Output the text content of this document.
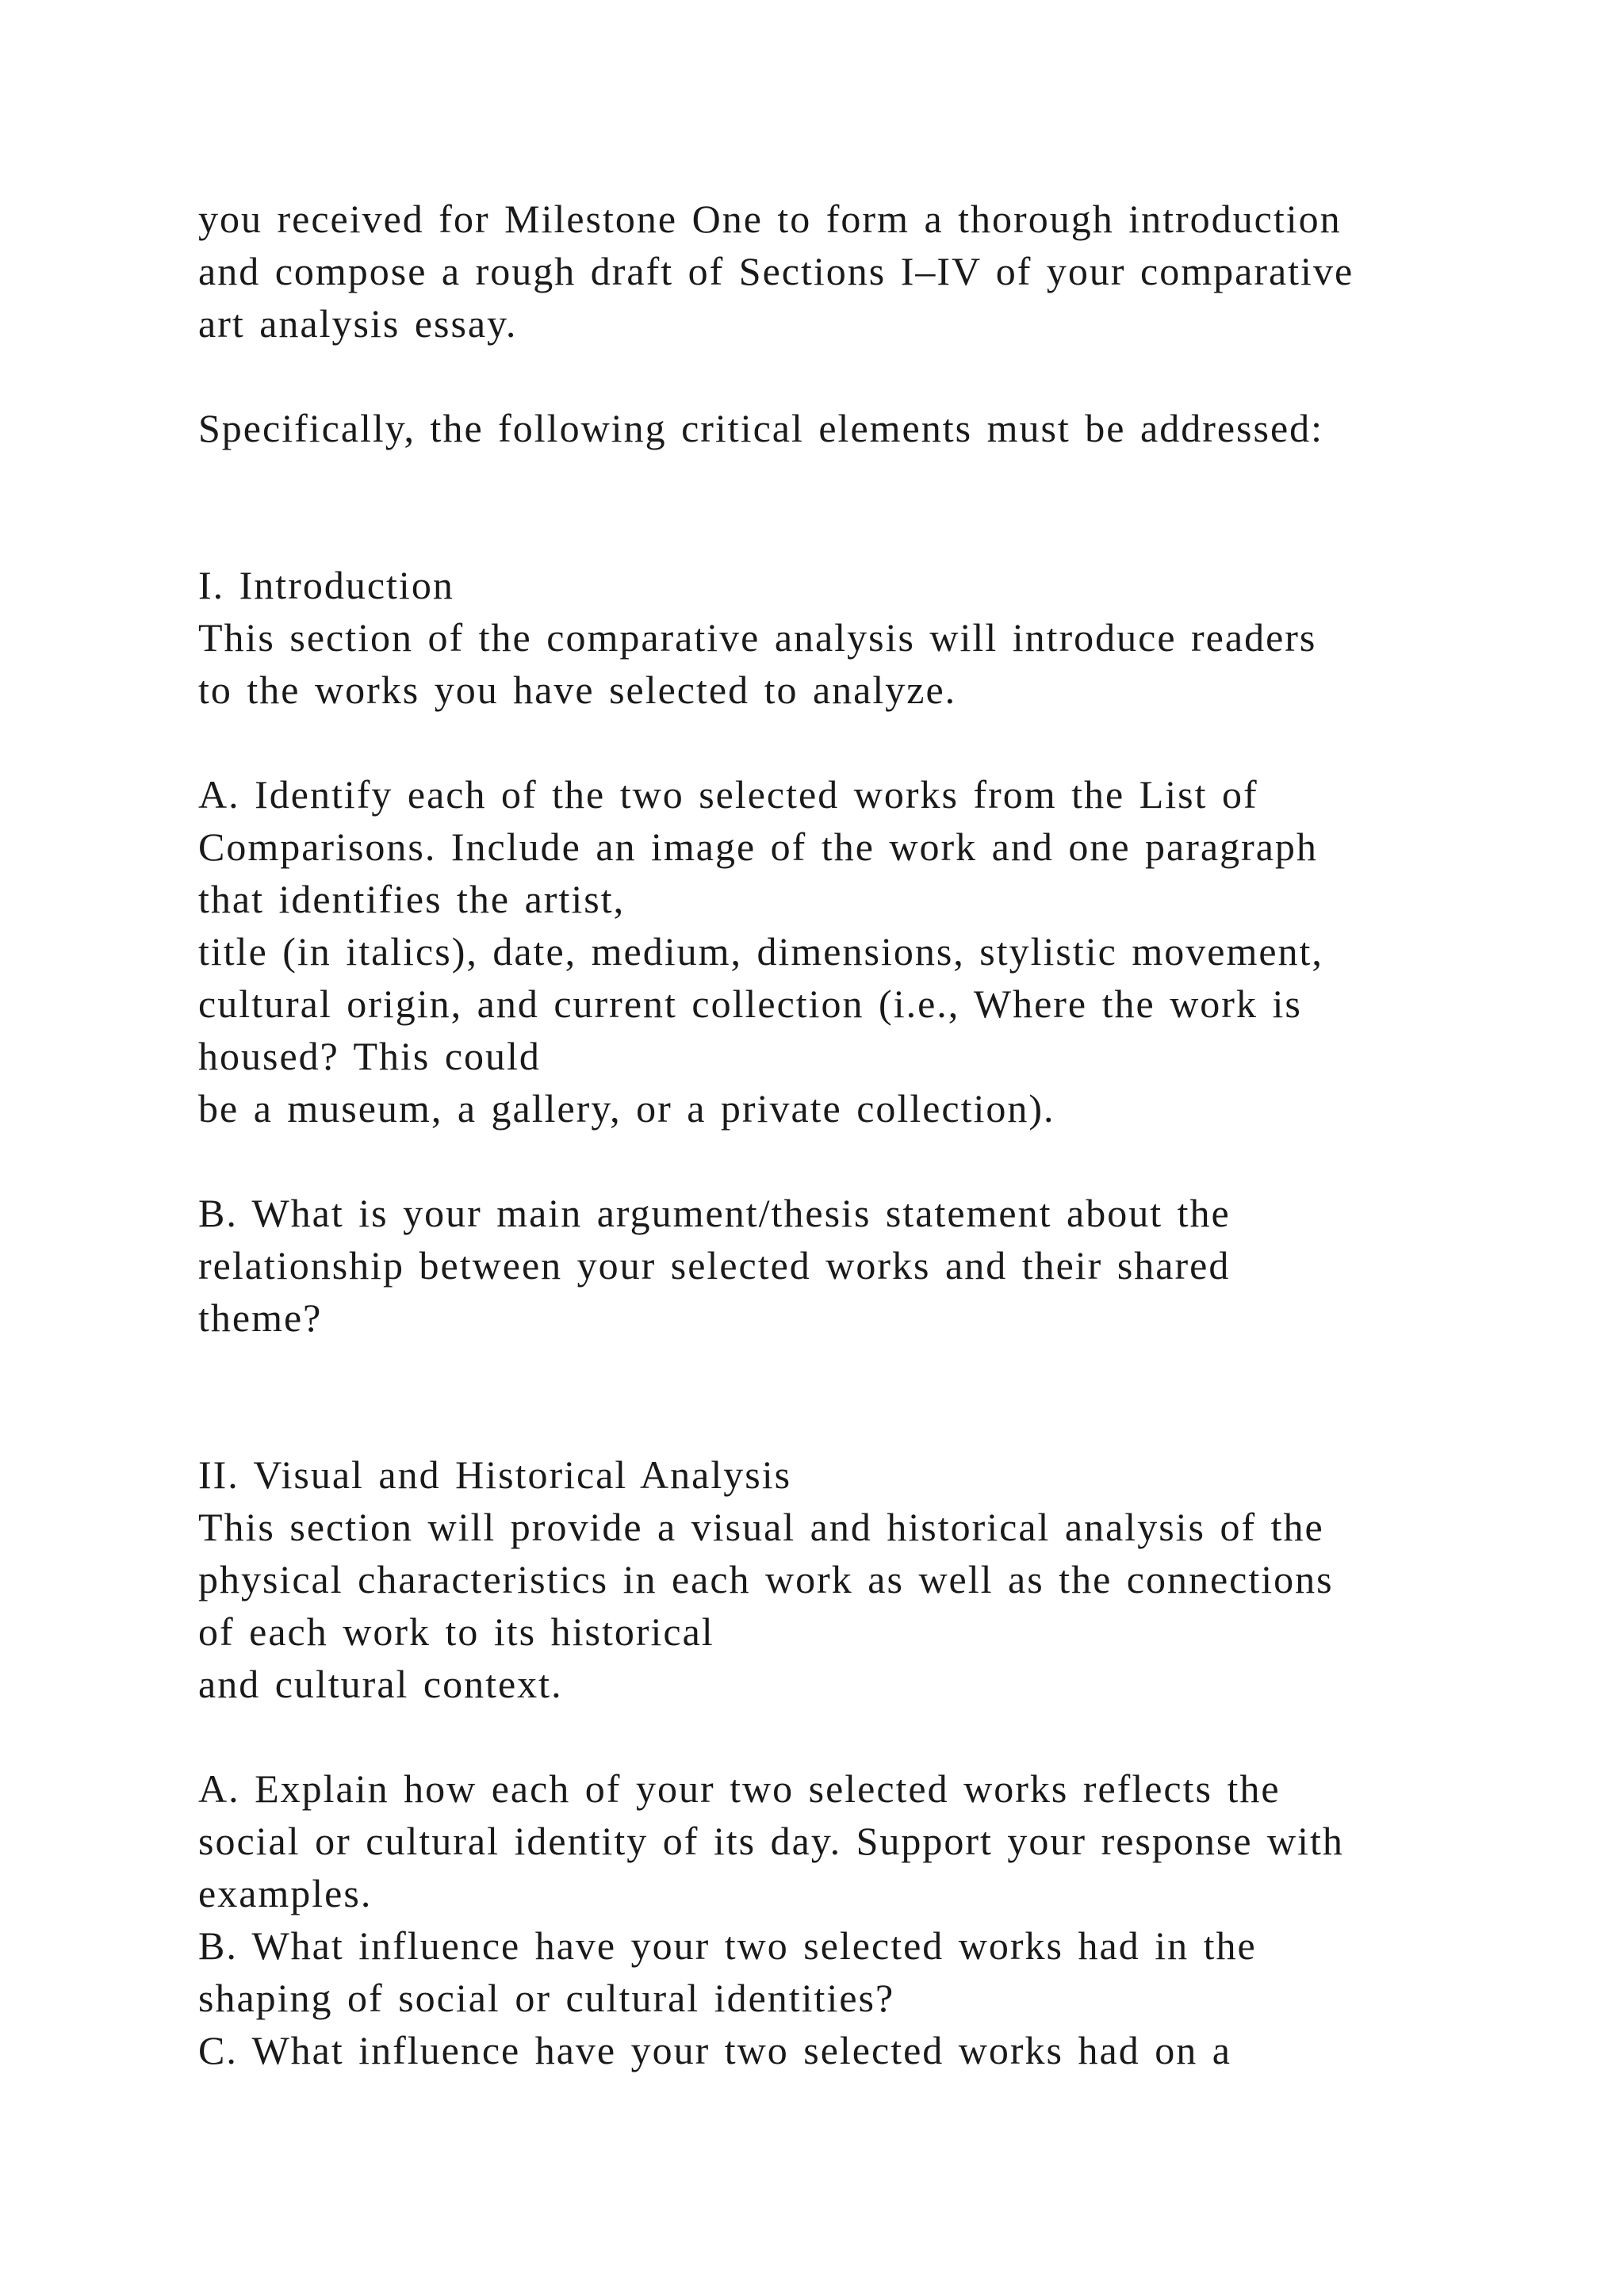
you received for Milestone One to form a thorough introduction

and compose a rough draft of Sections I–IV of your comparative

art analysis essay.

Specifically, the following critical elements must be addressed:

I. Introduction

This section of the comparative analysis will introduce readers

to the works you have selected to analyze.

A. Identify each of the two selected works from the List of

Comparisons. Include an image of the work and one paragraph

that identifies the artist,

title (in italics), date, medium, dimensions, stylistic movement,

cultural origin, and current collection (i.e., Where the work is

housed? This could

be a museum, a gallery, or a private collection).

B. What is your main argument/thesis statement about the

relationship between your selected works and their shared

theme?

II. Visual and Historical Analysis

This section will provide a visual and historical analysis of the

physical characteristics in each work as well as the connections

of each work to its historical

and cultural context.

A. Explain how each of your two selected works reflects the

social or cultural identity of its day. Support your response with

examples.

B. What influence have your two selected works had in the

shaping of social or cultural identities?

C. What influence have your two selected works had on a
